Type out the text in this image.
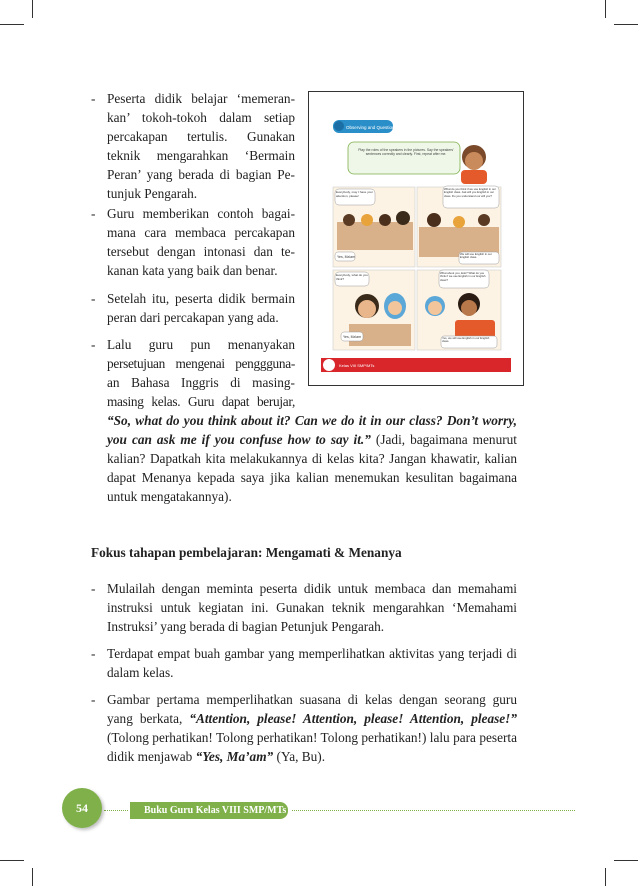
- Peserta didik belajar ‘memeran-
kan’ tokoh-tokoh dalam setiap
percakapan tertulis. Gunakan
teknik mengarahkan ‘Bermain
Peran’ yang berada di bagian Pe-
tunjuk Pengarah.
- Guru memberikan contoh bagai-
mana cara membaca percakapan
tersebut dengan intonasi dan te-
kanan kata yang baik dan benar.
- Setelah itu, peserta didik bermain
peran dari percakapan yang ada.
- Lalu guru pun menanyakan
persetujuan mengenai penggguna-
an Bahasa Inggris di masing-
masing kelas. Guru dapat berujar,
“So, what do you think about it? Can we do it in our class? Don’t worry, you can ask me if you confuse how to say it.” (Jadi, bagaimana menurut kalian? Dapatkah kita melakukannya di kelas kita? Jangan khawatir, kalian dapat Menanya kepada saya jika kalian menemukan kesulitan bagaimana untuk mengatakannya).
Observing and Questioning
Play the roles of the speakers in the pictures. Say the speakers' sentences correctly and clearly. First, repeat after me.
Everybody, may I have your attention, please!
Yes, Ma'am
What do you think if we use English in our English class. Ask will you English in our class. Do you understand our will you?
We will use English in our English class.
Everybody, what do you think?
Yes, Ma'am
What about you, Edo? What do you think if we use English in our English class?
Yes, we will use English in our English class.
Kelas VIII SMP/MTs
Fokus tahapan pembelajaran: Mengamati & Menanya
- Mulailah dengan meminta peserta didik untuk membaca dan memahami instruksi untuk kegiatan ini. Gunakan teknik mengarahkan ‘Memahami Instruksi’ yang berada di bagian Petunjuk Pengarah.
- Terdapat empat buah gambar yang memperlihatkan aktivitas yang terjadi di dalam kelas.
- Gambar pertama memperlihatkan suasana di kelas dengan seorang guru yang berkata, “Attention, please! Attention, please! Attention, please!” (Tolong perhatikan! Tolong perhatikan! Tolong perhatikan!) lalu para peserta didik menjawab “Yes, Ma’am” (Ya, Bu).
54	Buku Guru Kelas VIII SMP/MTs
